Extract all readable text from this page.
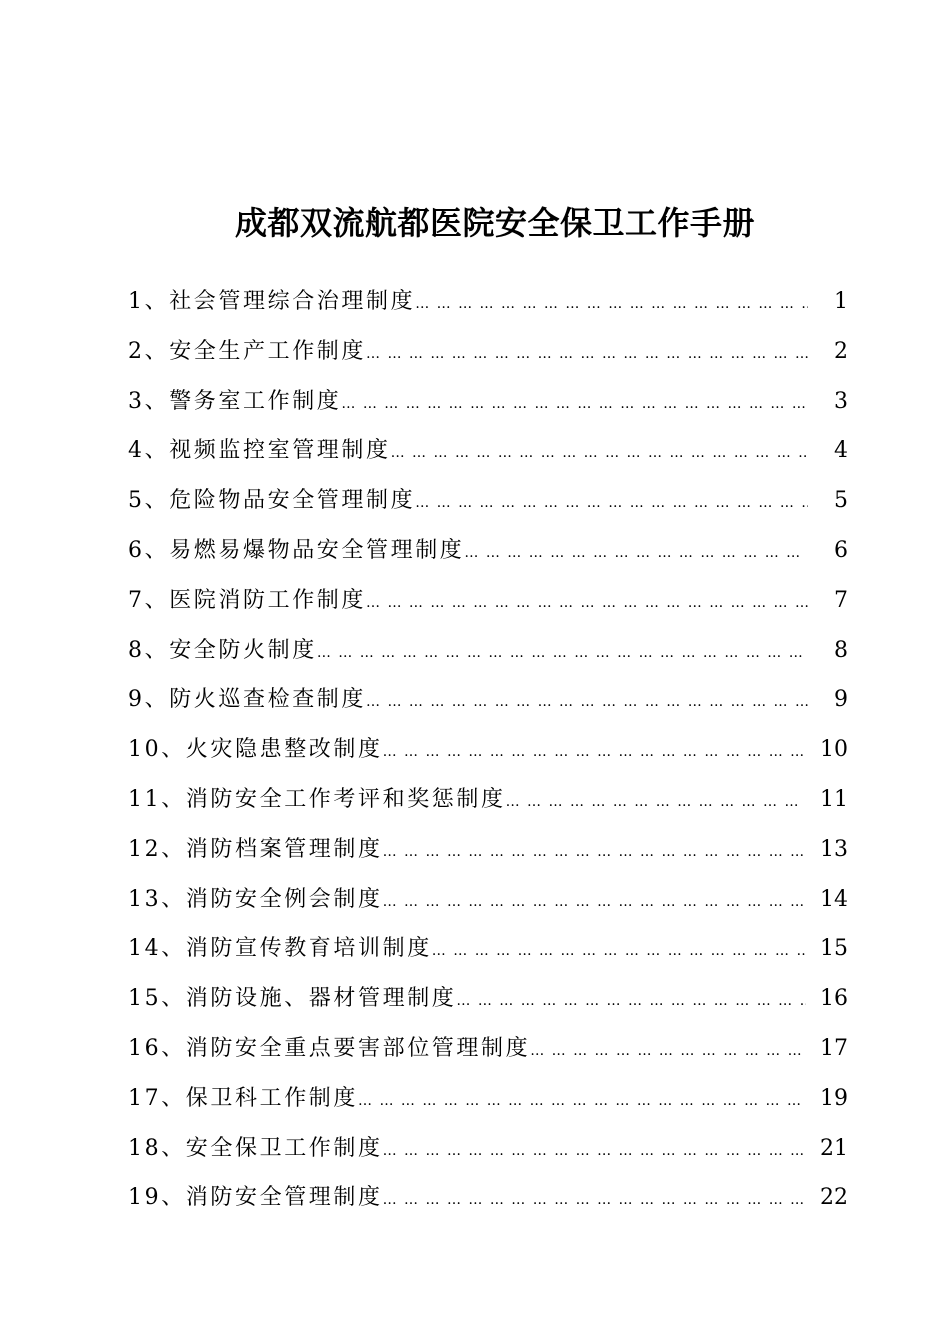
成都双流航都医院安全保卫工作手册
1、社会管理综合治理制度 … … … … … … … … … … … … … … … … … … … … … … … … … … … … … … … … … … … … … … … … … … … …	1
2、安全生产工作制度 … … … … … … … … … … … … … … … … … … … … … … … … … … … … … … … … … … … … … … … … … … … …	2
3、警务室工作制度 … … … … … … … … … … … … … … … … … … … … … … … … … … … … … … … … … … … … … … … … … … … …	3
4、视频监控室管理制度 … … … … … … … … … … … … … … … … … … … … … … … … … … … … … … … … … … … … … … … … … … … …	4
5、危险物品安全管理制度 … … … … … … … … … … … … … … … … … … … … … … … … … … … … … … … … … … … … … … … … … … … …	5
6、易燃易爆物品安全管理制度 … … … … … … … … … … … … … … … … … … … … … … … … … … … … … … … … … … … … … … … … … … … …	6
7、医院消防工作制度 … … … … … … … … … … … … … … … … … … … … … … … … … … … … … … … … … … … … … … … … … … … …	7
8、安全防火制度 … … … … … … … … … … … … … … … … … … … … … … … … … … … … … … … … … … … … … … … … … … … …	8
9、防火巡查检查制度 … … … … … … … … … … … … … … … … … … … … … … … … … … … … … … … … … … … … … … … … … … … …	9
10、火灾隐患整改制度 … … … … … … … … … … … … … … … … … … … … … … … … … … … … … … … … … … … … … … … … … … … …	10
11、消防安全工作考评和奖惩制度 … … … … … … … … … … … … … … … … … … … … … … … … … … … … … … … … … … … … … … … … … … … …	11
12、消防档案管理制度 … … … … … … … … … … … … … … … … … … … … … … … … … … … … … … … … … … … … … … … … … … … …	13
13、消防安全例会制度 … … … … … … … … … … … … … … … … … … … … … … … … … … … … … … … … … … … … … … … … … … … …	14
14、消防宣传教育培训制度 … … … … … … … … … … … … … … … … … … … … … … … … … … … … … … … … … … … … … … … … … … … …	15
15、消防设施、器材管理制度 … … … … … … … … … … … … … … … … … … … … … … … … … … … … … … … … … … … … … … … … … … … …	16
16、消防安全重点要害部位管理制度 … … … … … … … … … … … … … … … … … … … … … … … … … … … … … … … … … … … … … … … … … … … …	17
17、保卫科工作制度 … … … … … … … … … … … … … … … … … … … … … … … … … … … … … … … … … … … … … … … … … … … …	19
18、安全保卫工作制度 … … … … … … … … … … … … … … … … … … … … … … … … … … … … … … … … … … … … … … … … … … … …	21
19、消防安全管理制度 … … … … … … … … … … … … … … … … … … … … … … … … … … … … … … … … … … … … … … … … … … … …	22
